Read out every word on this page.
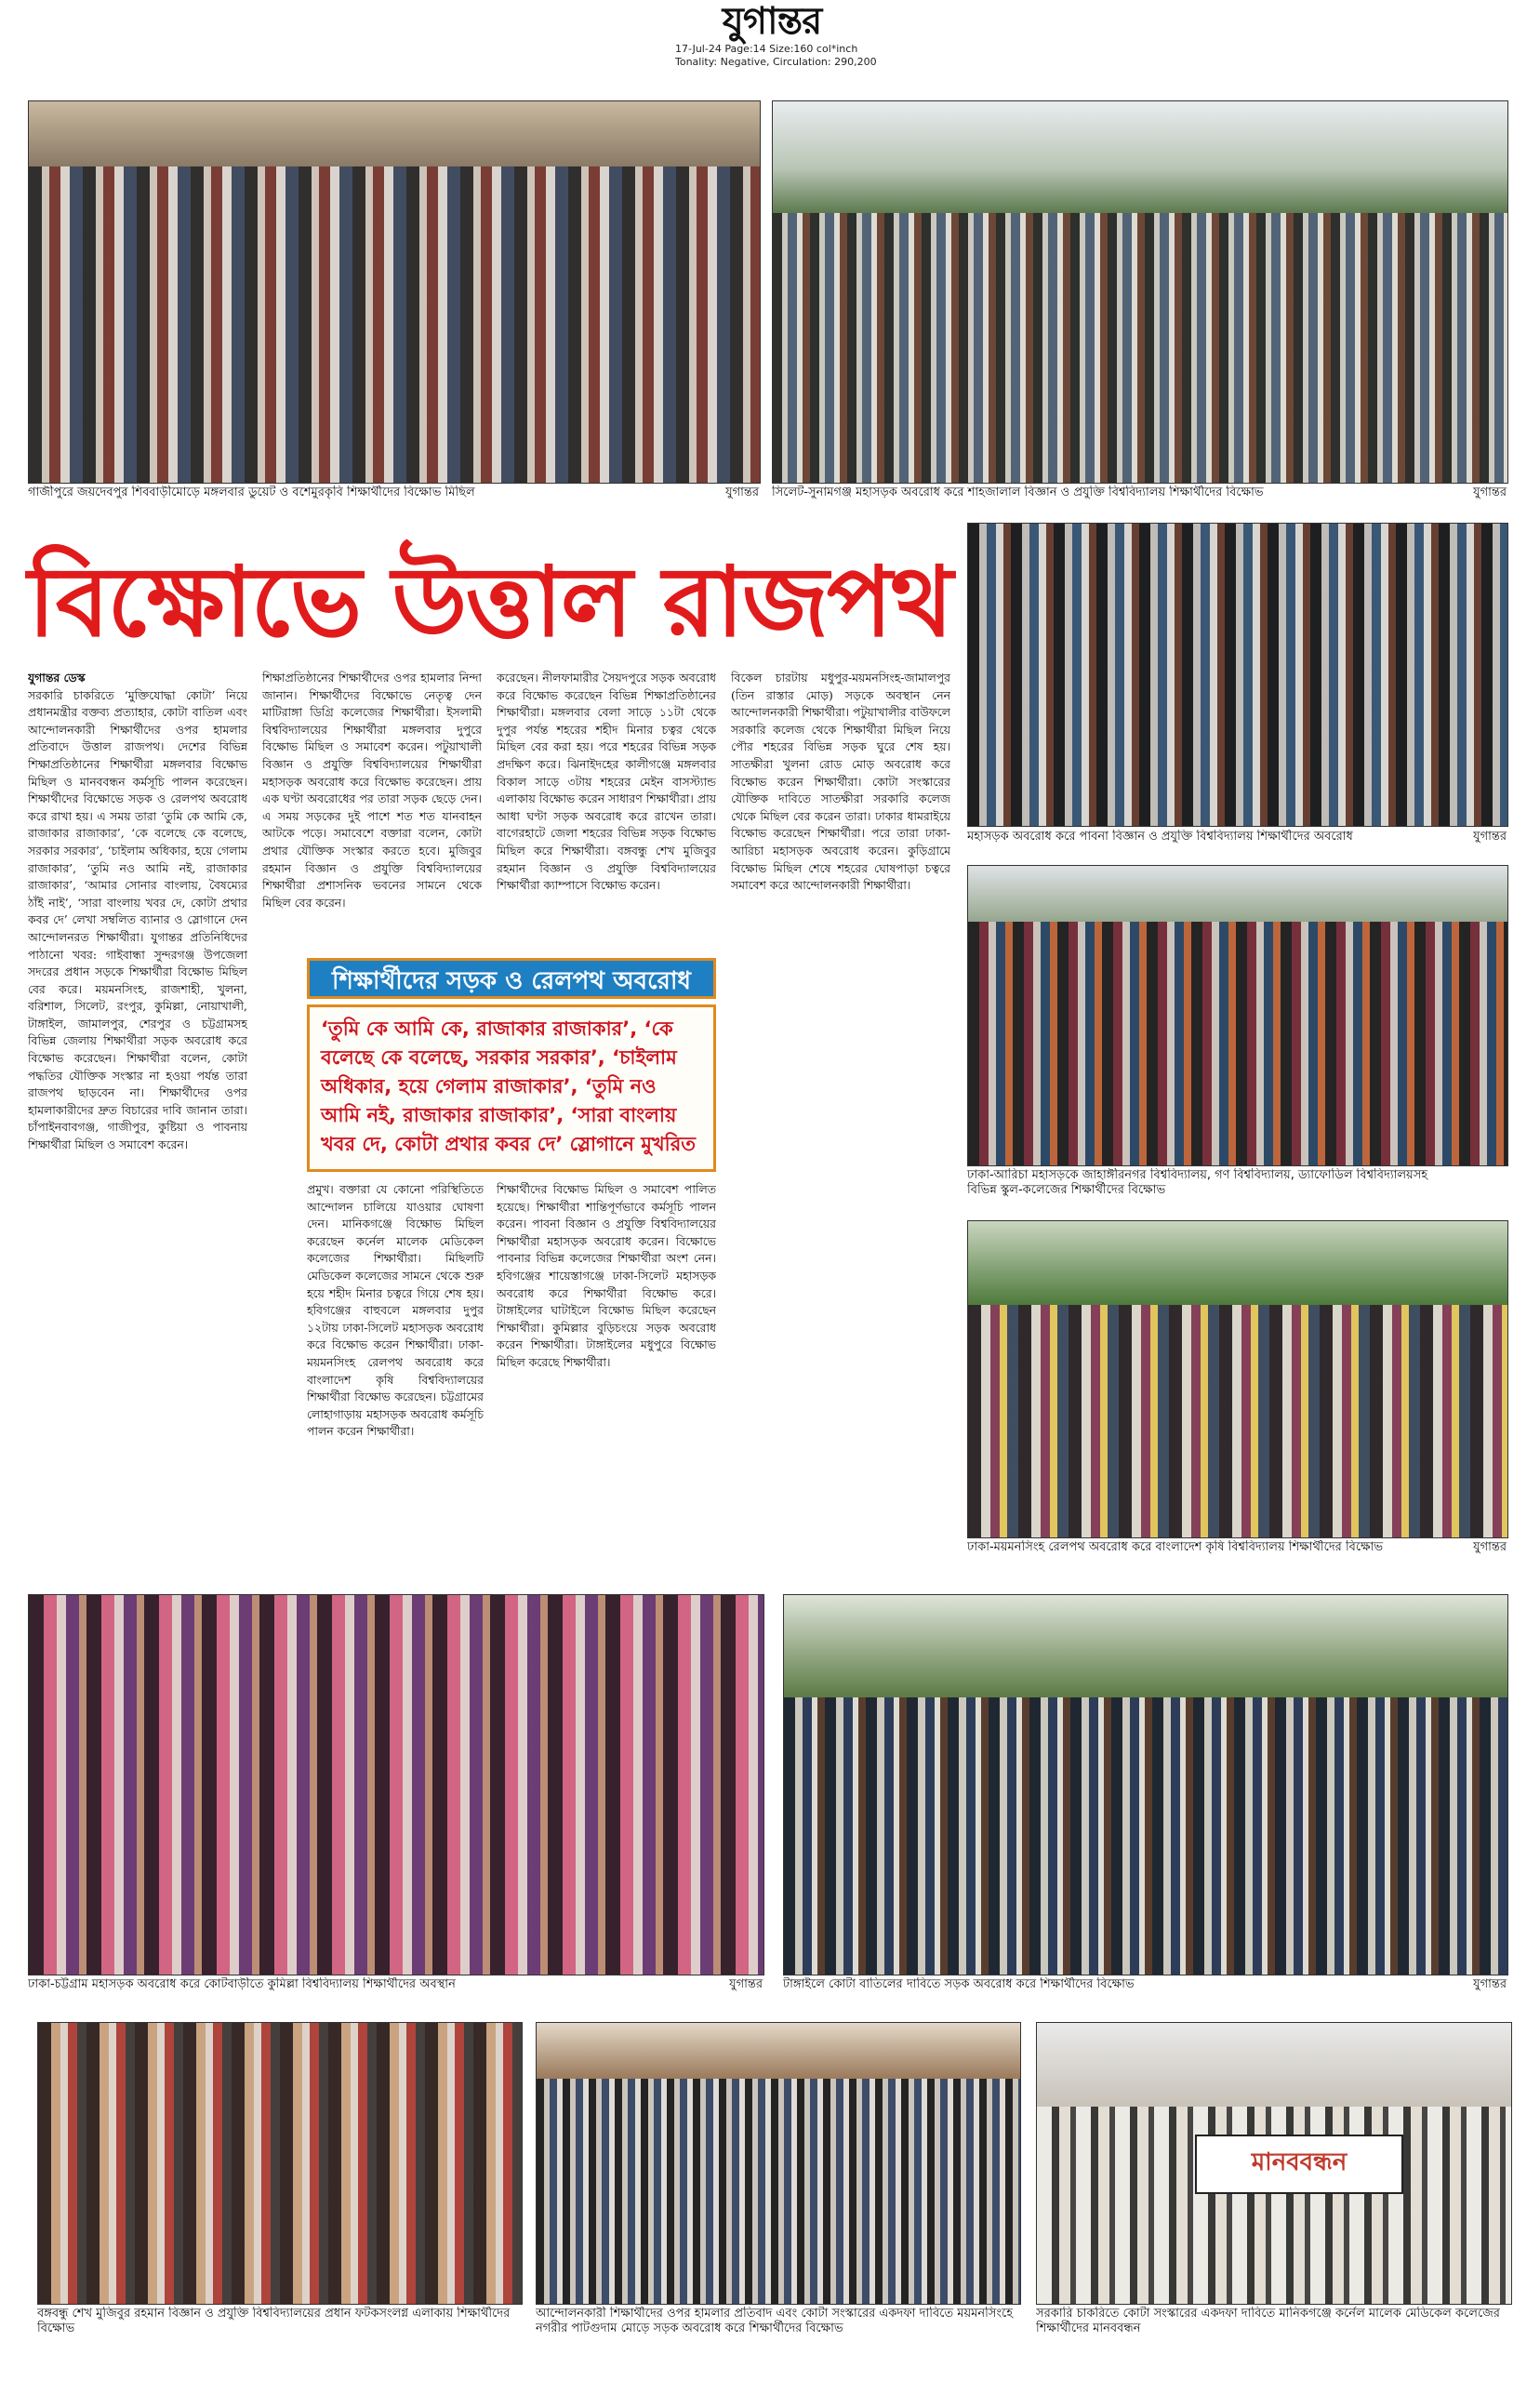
যুগান্তর
17-Jul-24 Page:14 Size:160 col*inch
Tonality: Negative, Circulation: 290,200
গাজীপুরে জয়দেবপুর শিববাড়ীমোড়ে মঙ্গলবার ডুয়েট ও বশেমুরকৃবি শিক্ষার্থীদের বিক্ষোভ মিছিল	যুগান্তর সিলেট-সুনামগঞ্জ মহাসড়ক অবরোধ করে শাহজালাল বিজ্ঞান ও প্রযুক্তি বিশ্ববিদ্যালয় শিক্ষার্থীদের বিক্ষোভ	যুগান্তর
বিক্ষোভে উত্তাল রাজপথ
যুগান্তর ডেস্ক
সরকারি চাকরিতে ‘মুক্তিযোদ্ধা কোটা’ নিয়ে প্রধানমন্ত্রীর বক্তব্য প্রত্যাহার, কোটা বাতিল এবং আন্দোলনকারী শিক্ষার্থীদের ওপর হামলার প্রতিবাদে উত্তাল রাজপথ। দেশের বিভিন্ন শিক্ষাপ্রতিষ্ঠানের শিক্ষার্থীরা মঙ্গলবার বিক্ষোভ মিছিল ও মানববন্ধন কর্মসূচি পালন করেছেন। শিক্ষার্থীদের বিক্ষোভে সড়ক ও রেলপথ অবরোধ করে রাখা হয়। এ সময় তারা ‘তুমি কে আমি কে, রাজাকার রাজাকার’, ‘কে বলেছে কে বলেছে, সরকার সরকার’, ‘চাইলাম অধিকার, হয়ে গেলাম রাজাকার’, ‘তুমি নও আমি নই, রাজাকার রাজাকার’, ‘আমার সোনার বাংলায়, বৈষম্যের ঠাঁই নাই’, ‘সারা বাংলায় খবর দে, কোটা প্রথার কবর দে’ লেখা সম্বলিত ব্যানার ও স্লোগানে দেন আন্দোলনরত শিক্ষার্থীরা। যুগান্তর প্রতিনিধিদের পাঠানো খবর: গাইবান্ধা সুন্দরগঞ্জ উপজেলা সদরের প্রধান সড়কে শিক্ষার্থীরা বিক্ষোভ মিছিল বের করে। ময়মনসিংহ, রাজশাহী, খুলনা, বরিশাল, সিলেট, রংপুর, কুমিল্লা, নোয়াখালী, টাঙ্গাইল, জামালপুর, শেরপুর ও চট্টগ্রামসহ বিভিন্ন জেলায় শিক্ষার্থীরা সড়ক অবরোধ করে বিক্ষোভ করেছেন। শিক্ষার্থীরা বলেন, কোটা পদ্ধতির যৌক্তিক সংস্কার না হওয়া পর্যন্ত তারা রাজপথ ছাড়বেন না। শিক্ষার্থীদের ওপর হামলাকারীদের দ্রুত বিচারের দাবি জানান তারা। চাঁপাইনবাবগঞ্জ, গাজীপুর, কুষ্টিয়া ও পাবনায় শিক্ষার্থীরা মিছিল ও সমাবেশ করেন।
শিক্ষাপ্রতিষ্ঠানের শিক্ষার্থীদের ওপর হামলার নিন্দা জানান। শিক্ষার্থীদের বিক্ষোভে নেতৃত্ব দেন মাটিরাঙ্গা ডিগ্রি কলেজের শিক্ষার্থীরা। ইসলামী বিশ্ববিদ্যালয়ের শিক্ষার্থীরা মঙ্গলবার দুপুরে বিক্ষোভ মিছিল ও সমাবেশ করেন। পটুয়াখালী বিজ্ঞান ও প্রযুক্তি বিশ্ববিদ্যালয়ের শিক্ষার্থীরা মহাসড়ক অবরোধ করে বিক্ষোভ করেছেন। প্রায় এক ঘণ্টা অবরোধের পর তারা সড়ক ছেড়ে দেন। এ সময় সড়কের দুই পাশে শত শত যানবাহন আটকে পড়ে। সমাবেশে বক্তারা বলেন, কোটা প্রথার যৌক্তিক সংস্কার করতে হবে। মুজিবুর রহমান বিজ্ঞান ও প্রযুক্তি বিশ্ববিদ্যালয়ের শিক্ষার্থীরা প্রশাসনিক ভবনের সামনে থেকে মিছিল বের করেন।
করেছেন। নীলফামারীর সৈয়দপুরে সড়ক অবরোধ করে বিক্ষোভ করেছেন বিভিন্ন শিক্ষাপ্রতিষ্ঠানের শিক্ষার্থীরা। মঙ্গলবার বেলা সাড়ে ১১টা থেকে দুপুর পর্যন্ত শহরের শহীদ মিনার চত্বর থেকে মিছিল বের করা হয়। পরে শহরের বিভিন্ন সড়ক প্রদক্ষিণ করে। ঝিনাইদহের কালীগঞ্জে মঙ্গলবার বিকাল সাড়ে ৩টায় শহরের মেইন বাসস্ট্যান্ড এলাকায় বিক্ষোভ করেন সাধারণ শিক্ষার্থীরা। প্রায় আধা ঘণ্টা সড়ক অবরোধ করে রাখেন তারা। বাগেরহাটে জেলা শহরের বিভিন্ন সড়ক বিক্ষোভ মিছিল করে শিক্ষার্থীরা। বঙ্গবন্ধু শেখ মুজিবুর রহমান বিজ্ঞান ও প্রযুক্তি বিশ্ববিদ্যালয়ের শিক্ষার্থীরা ক্যাম্পাসে বিক্ষোভ করেন।
বিকেল চারটায় মধুপুর-ময়মনসিংহ-জামালপুর (তিন রাস্তার মোড়) সড়কে অবস্থান নেন আন্দোলনকারী শিক্ষার্থীরা। পটুয়াখালীর বাউফলে সরকারি কলেজ থেকে শিক্ষার্থীরা মিছিল নিয়ে পৌর শহরের বিভিন্ন সড়ক ঘুরে শেষ হয়। সাতক্ষীরা খুলনা রোড মোড় অবরোধ করে বিক্ষোভ করেন শিক্ষার্থীরা। কোটা সংস্কারের যৌক্তিক দাবিতে সাতক্ষীরা সরকারি কলেজ থেকে মিছিল বের করেন তারা। ঢাকার ধামরাইয়ে বিক্ষোভ করেছেন শিক্ষার্থীরা। পরে তারা ঢাকা-আরিচা মহাসড়ক অবরোধ করেন। কুড়িগ্রামে বিক্ষোভ মিছিল শেষে শহরের ঘোষপাড়া চত্বরে সমাবেশ করে আন্দোলনকারী শিক্ষার্থীরা।
শিক্ষার্থীদের সড়ক ও রেলপথ অবরোধ
‘তুমি কে আমি কে, রাজাকার রাজাকার’, ‘কে বলেছে কে বলেছে, সরকার সরকার’, ‘চাইলাম অধিকার, হয়ে গেলাম রাজাকার’, ‘তুমি নও আমি নই, রাজাকার রাজাকার’, ‘সারা বাংলায় খবর দে, কোটা প্রথার কবর দে’ স্লোগানে মুখরিত
প্রমুখ। বক্তারা যে কোনো পরিস্থিতিতে আন্দোলন চালিয়ে যাওয়ার ঘোষণা দেন। মানিকগঞ্জে বিক্ষোভ মিছিল করেছেন কর্নেল মালেক মেডিকেল কলেজের শিক্ষার্থীরা। মিছিলটি মেডিকেল কলেজের সামনে থেকে শুরু হয়ে শহীদ মিনার চত্বরে গিয়ে শেষ হয়। হবিগঞ্জের বাহুবলে মঙ্গলবার দুপুর ১২টায় ঢাকা-সিলেট মহাসড়ক অবরোধ করে বিক্ষোভ করেন শিক্ষার্থীরা। ঢাকা-ময়মনসিংহ রেলপথ অবরোধ করে বাংলাদেশ কৃষি বিশ্ববিদ্যালয়ের শিক্ষার্থীরা বিক্ষোভ করেছেন। চট্টগ্রামের লোহাগাড়ায় মহাসড়ক অবরোধ কর্মসূচি পালন করেন শিক্ষার্থীরা।
শিক্ষার্থীদের বিক্ষোভ মিছিল ও সমাবেশ পালিত হয়েছে। শিক্ষার্থীরা শান্তিপূর্ণভাবে কর্মসূচি পালন করেন। পাবনা বিজ্ঞান ও প্রযুক্তি বিশ্ববিদ্যালয়ের শিক্ষার্থীরা মহাসড়ক অবরোধ করেন। বিক্ষোভে পাবনার বিভিন্ন কলেজের শিক্ষার্থীরা অংশ নেন। হবিগঞ্জের শায়েস্তাগঞ্জে ঢাকা-সিলেট মহাসড়ক অবরোধ করে শিক্ষার্থীরা বিক্ষোভ করে। টাঙ্গাইলের ঘাটাইলে বিক্ষোভ মিছিল করেছেন শিক্ষার্থীরা। কুমিল্লার বুড়িচংয়ে সড়ক অবরোধ করেন শিক্ষার্থীরা। টাঙ্গাইলের মধুপুরে বিক্ষোভ মিছিল করেছে শিক্ষার্থীরা।
মহাসড়ক অবরোধ করে পাবনা বিজ্ঞান ও প্রযুক্তি বিশ্ববিদ্যালয় শিক্ষার্থীদের অবরোধ	যুগান্তর
ঢাকা-আরিচা মহাসড়কে জাহাঙ্গীরনগর বিশ্ববিদ্যালয়, গণ বিশ্ববিদ্যালয়, ড্যাফোডিল বিশ্ববিদ্যালয়সহ বিভিন্ন স্কুল-কলেজের শিক্ষার্থীদের বিক্ষোভ
ঢাকা-ময়মনসিংহ রেলপথ অবরোধ করে বাংলাদেশ কৃষি বিশ্ববিদ্যালয় শিক্ষার্থীদের বিক্ষোভ	যুগান্তর
ঢাকা-চট্টগ্রাম মহাসড়ক অবরোধ করে কোটবাড়ীতে কুমিল্লা বিশ্ববিদ্যালয় শিক্ষার্থীদের অবস্থান	যুগান্তর টাঙ্গাইলে কোটা বাতিলের দাবিতে সড়ক অবরোধ করে শিক্ষার্থীদের বিক্ষোভ	যুগান্তর
বঙ্গবন্ধু শেখ মুজিবুর রহমান বিজ্ঞান ও প্রযুক্তি বিশ্ববিদ্যালয়ের প্রধান ফটকসংলগ্ন এলাকায় শিক্ষার্থীদের বিক্ষোভ
আন্দোলনকারী শিক্ষার্থীদের ওপর হামলার প্রতিবাদ এবং কোটা সংস্কারের একদফা দাবিতে ময়মনসিংহে নগরীর পাটগুদাম মোড়ে সড়ক অবরোধ করে শিক্ষার্থীদের বিক্ষোভ
মানববন্ধন
সরকারি চাকরিতে কোটা সংস্কারের একদফা দাবিতে মানিকগঞ্জে কর্নেল মালেক মেডিকেল কলেজের শিক্ষার্থীদের মানববন্ধন
